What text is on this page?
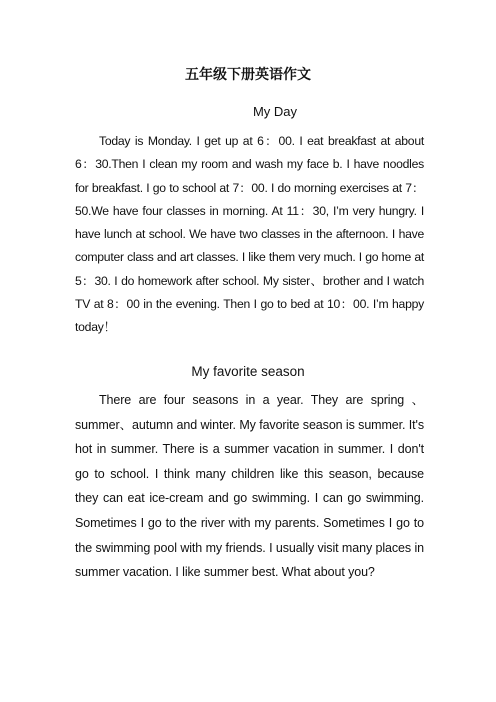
五年级下册英语作文
My Day

Today is Monday. I get up at 6：00. I eat breakfast at about 6：30.Then I clean my room and wash my face b. I have noodles for breakfast. I go to school at 7：00. I do morning exercises at 7：50.We have four classes in morning. At 11：30, I’m very hungry. I have lunch at school. We have two classes in the afternoon. I have computer class and art classes. I like them very much. I go home at 5：30. I do homework after school. My sister、brother and I watch TV at 8：00 in the evening. Then I go to bed at 10：00. I’m happy today！

My favorite season

There are four seasons in a year. They are spring 、summer、autumn and winter. My favorite season is summer. It's hot in summer. There is a summer vacation in summer. I don't go to school. I think many children like this season, because they can eat ice-cream and go swimming. I can go swimming. Sometimes I go to the river with my parents. Sometimes I go to the swimming pool with my friends. I usually visit many places in summer vacation. I like summer best. What about you?
